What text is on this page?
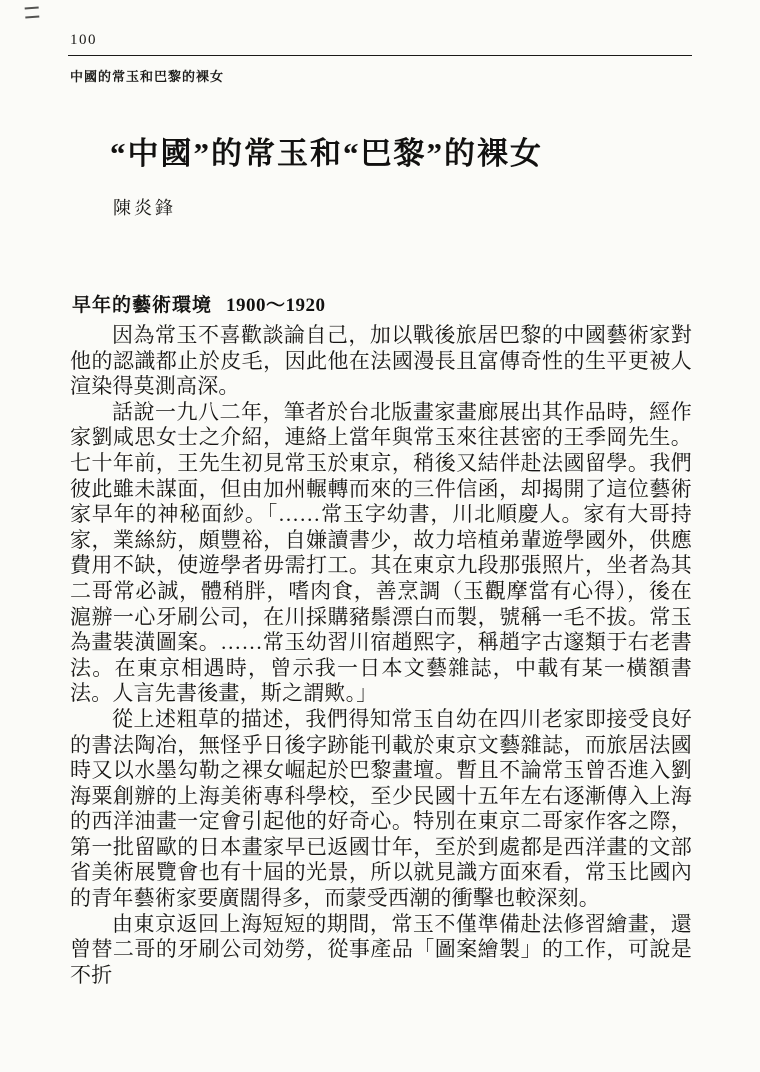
100
中國的常玉和巴黎的裸女
“中國”的常玉和“巴黎”的裸女
陳炎鋒
早年的藝術環境 1900～1920

因為常玉不喜歡談論自己，加以戰後旅居巴黎的中國藝術家對他的認識都止於皮毛，因此他在法國漫長且富傳奇性的生平更被人渲染得莫測高深。

話說一九八二年，筆者於台北版畫家畫廊展出其作品時，經作家劉咸思女士之介紹，連絡上當年與常玉來往甚密的王季岡先生。七十年前，王先生初見常玉於東京，稍後又結伴赴法國留學。我們彼此雖未謀面，但由加州輾轉而來的三件信函，却揭開了這位藝術家早年的神秘面紗。「……常玉字幼書，川北順慶人。家有大哥持家，業絲紡，頗豐裕，自嫌讀書少，故力培植弟輩遊學國外，供應費用不缺，使遊學者毋需打工。其在東京九段那張照片，坐者為其二哥常必誠，體稍胖，嗜肉食，善烹調（玉觀摩當有心得），後在滬辦一心牙刷公司，在川採購豬鬃漂白而製，號稱一毛不拔。常玉為畫裝潢圖案。……常玉幼習川宿趙熙字，稱趙字古邃類于右老書法。在東京相遇時，曾示我一日本文藝雜誌，中載有某一橫額書法。人言先書後畫，斯之謂歟。」

從上述粗草的描述，我們得知常玉自幼在四川老家即接受良好的書法陶冶，無怪乎日後字跡能刊載於東京文藝雜誌，而旅居法國時又以水墨勾勒之裸女崛起於巴黎畫壇。暫且不論常玉曾否進入劉海粟創辦的上海美術專科學校，至少民國十五年左右逐漸傳入上海的西洋油畫一定會引起他的好奇心。特別在東京二哥家作客之際，第一批留歐的日本畫家早已返國廿年，至於到處都是西洋畫的文部省美術展覽會也有十屆的光景，所以就見識方面來看，常玉比國內的青年藝術家要廣闊得多，而蒙受西潮的衝擊也較深刻。

由東京返回上海短短的期間，常玉不僅準備赴法修習繪畫，還曾替二哥的牙刷公司効勞，從事產品「圖案繪製」的工作，可說是不折
